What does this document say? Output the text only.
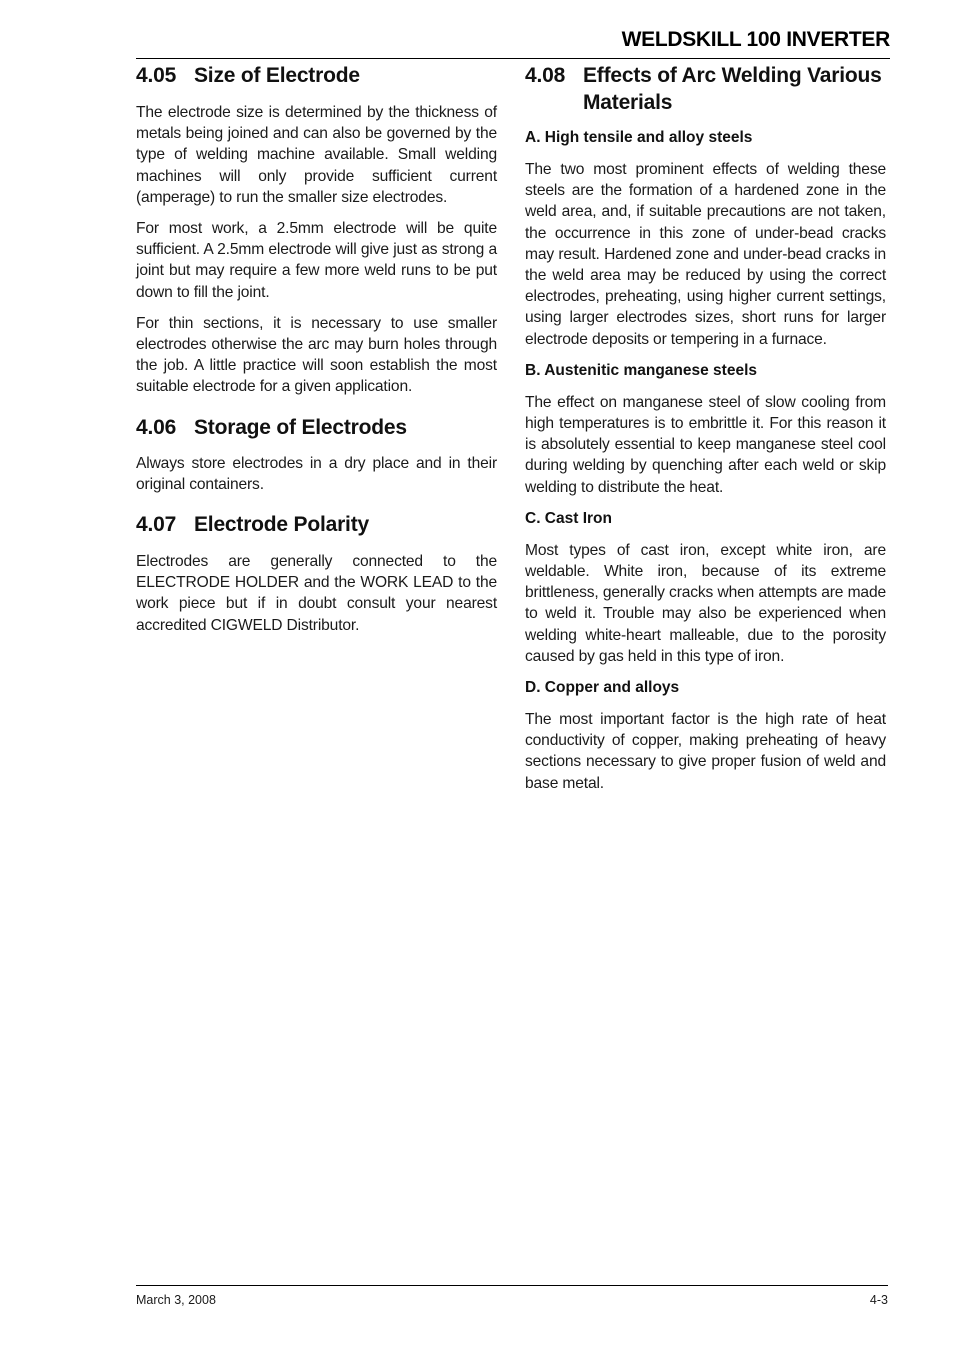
WELDSKILL 100 INVERTER
4.05 Size of Electrode

The electrode size is determined by the thickness of metals being joined and can also be governed by the type of welding machine available. Small welding machines will only provide sufficient current (amperage) to run the smaller size electrodes.

For most work, a 2.5mm electrode will be quite sufficient. A 2.5mm electrode will give just as strong a joint but may require a few more weld runs to be put down to fill the joint.

For thin sections, it is necessary to use smaller electrodes otherwise the arc may burn holes through the job. A little practice will soon establish the most suitable electrode for a given application.

4.06 Storage of Electrodes

Always store electrodes in a dry place and in their original containers.

4.07 Electrode Polarity

Electrodes are generally connected to the ELECTRODE HOLDER and the WORK LEAD to the work piece but if in doubt consult your nearest accredited CIGWELD Distributor.

4.08 Effects of Arc Welding Various Materials
A. High tensile and alloy steels

The two most prominent effects of welding these steels are the formation of a hardened zone in the weld area, and, if suitable precautions are not taken, the occurrence in this zone of under-bead cracks may result. Hardened zone and under-bead cracks in the weld area may be reduced by using the correct electrodes, preheating, using higher current settings, using larger electrodes sizes, short runs for larger electrode deposits or tempering in a furnace.

B. Austenitic manganese steels

The effect on manganese steel of slow cooling from high temperatures is to embrittle it. For this reason it is absolutely essential to keep manganese steel cool during welding by quenching after each weld or skip welding to distribute the heat.

C. Cast Iron

Most types of cast iron, except white iron, are weldable. White iron, because of its extreme brittleness, generally cracks when attempts are made to weld it. Trouble may also be experienced when welding white-heart malleable, due to the porosity caused by gas held in this type of iron.

D. Copper and alloys

The most important factor is the high rate of heat conductivity of copper, making preheating of heavy sections necessary to give proper fusion of weld and base metal.

March 3, 2008	4-3
